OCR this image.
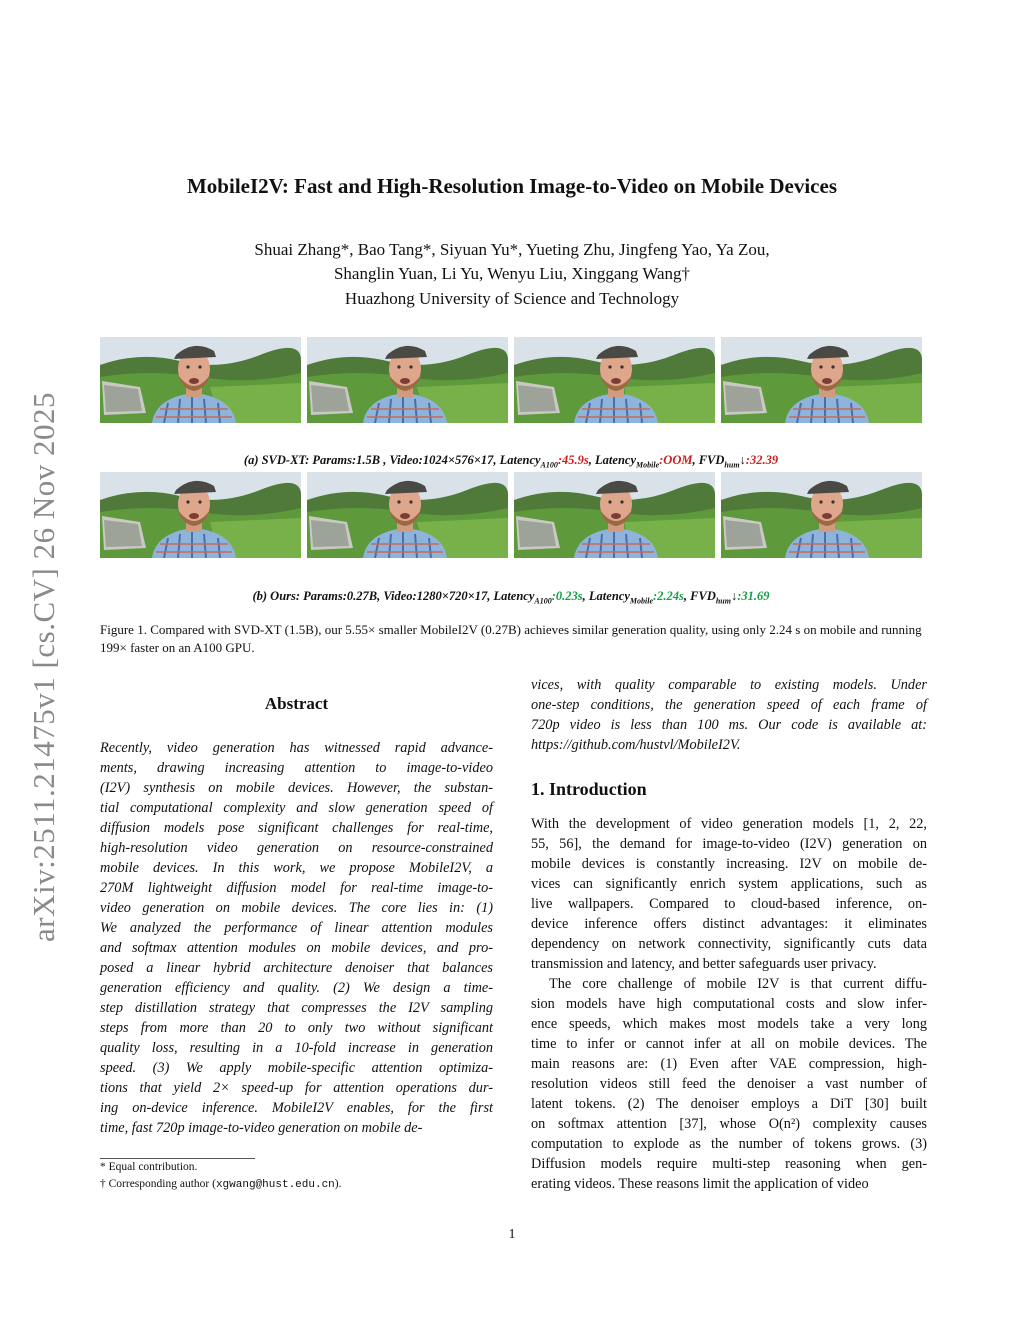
arXiv:2511.21475v1 [cs.CV] 26 Nov 2025
MobileI2V: Fast and High-Resolution Image-to-Video on Mobile Devices
Shuai Zhang*, Bao Tang*, Siyuan Yu*, Yueting Zhu, Jingfeng Yao, Ya Zou,
Shanglin Yuan, Li Yu, Wenyu Liu, Xinggang Wang†
Huazhong University of Science and Technology
(a) SVD-XT: Params:1.5B , Video:1024×576×17, Latency$_{A100}$:45.9s, Latency$_{Mobile}$:OOM, $FVD_{hum}↓:32.39$
(b) Ours: Params:0.27B, Video:1280×720×17, Latency$_{A100}$:0.23s, Latency$_{Mobile}$:2.24s, $FVD_{hum}↓:31.69$
Figure 1. Compared with SVD-XT (1.5B), our 5.55× smaller MobileI2V (0.27B) achieves similar generation quality, using only 2.24 s on mobile and running 199× faster on an A100 GPU.
Abstract
Recently, video generation has witnessed rapid advance-
ments, drawing increasing attention to image-to-video
(I2V) synthesis on mobile devices. However, the substan-
tial computational complexity and slow generation speed of
diffusion models pose significant challenges for real-time,
high-resolution video generation on resource-constrained
mobile devices. In this work, we propose MobileI2V, a
270M lightweight diffusion model for real-time image-to-
video generation on mobile devices. The core lies in: (1)
We analyzed the performance of linear attention modules
and softmax attention modules on mobile devices, and pro-
posed a linear hybrid architecture denoiser that balances
generation efficiency and quality. (2) We design a time-
step distillation strategy that compresses the I2V sampling
steps from more than 20 to only two without significant
quality loss, resulting in a 10-fold increase in generation
speed. (3) We apply mobile-specific attention optimiza-
tions that yield 2× speed-up for attention operations dur-
ing on-device inference. MobileI2V enables, for the first
time, fast 720p image-to-video generation on mobile de-
vices, with quality comparable to existing models. Under
one-step conditions, the generation speed of each frame of
720p video is less than 100 ms. Our code is available at:
https://github.com/hustvl/MobileI2V.
* Equal contribution.
† Corresponding author (xgwang@hust.edu.cn).
1. Introduction
With the development of video generation models [1, 2, 22,
55, 56], the demand for image-to-video (I2V) generation on
mobile devices is constantly increasing. I2V on mobile de-
vices can significantly enrich system applications, such as
live wallpapers. Compared to cloud-based inference, on-
device inference offers distinct advantages: it eliminates
dependency on network connectivity, significantly cuts data
transmission and latency, and better safeguards user privacy.
The core challenge of mobile I2V is that current diffu-
sion models have high computational costs and slow infer-
ence speeds, which makes most models take a very long
time to infer or cannot infer at all on mobile devices. The
main reasons are: (1) Even after VAE compression, high-
resolution videos still feed the denoiser a vast number of
latent tokens. (2) The denoiser employs a DiT [30] built
on softmax attention [37], whose O(n²) complexity causes
computation to explode as the number of tokens grows. (3)
Diffusion models require multi-step reasoning when gen-
erating videos. These reasons limit the application of video
1
